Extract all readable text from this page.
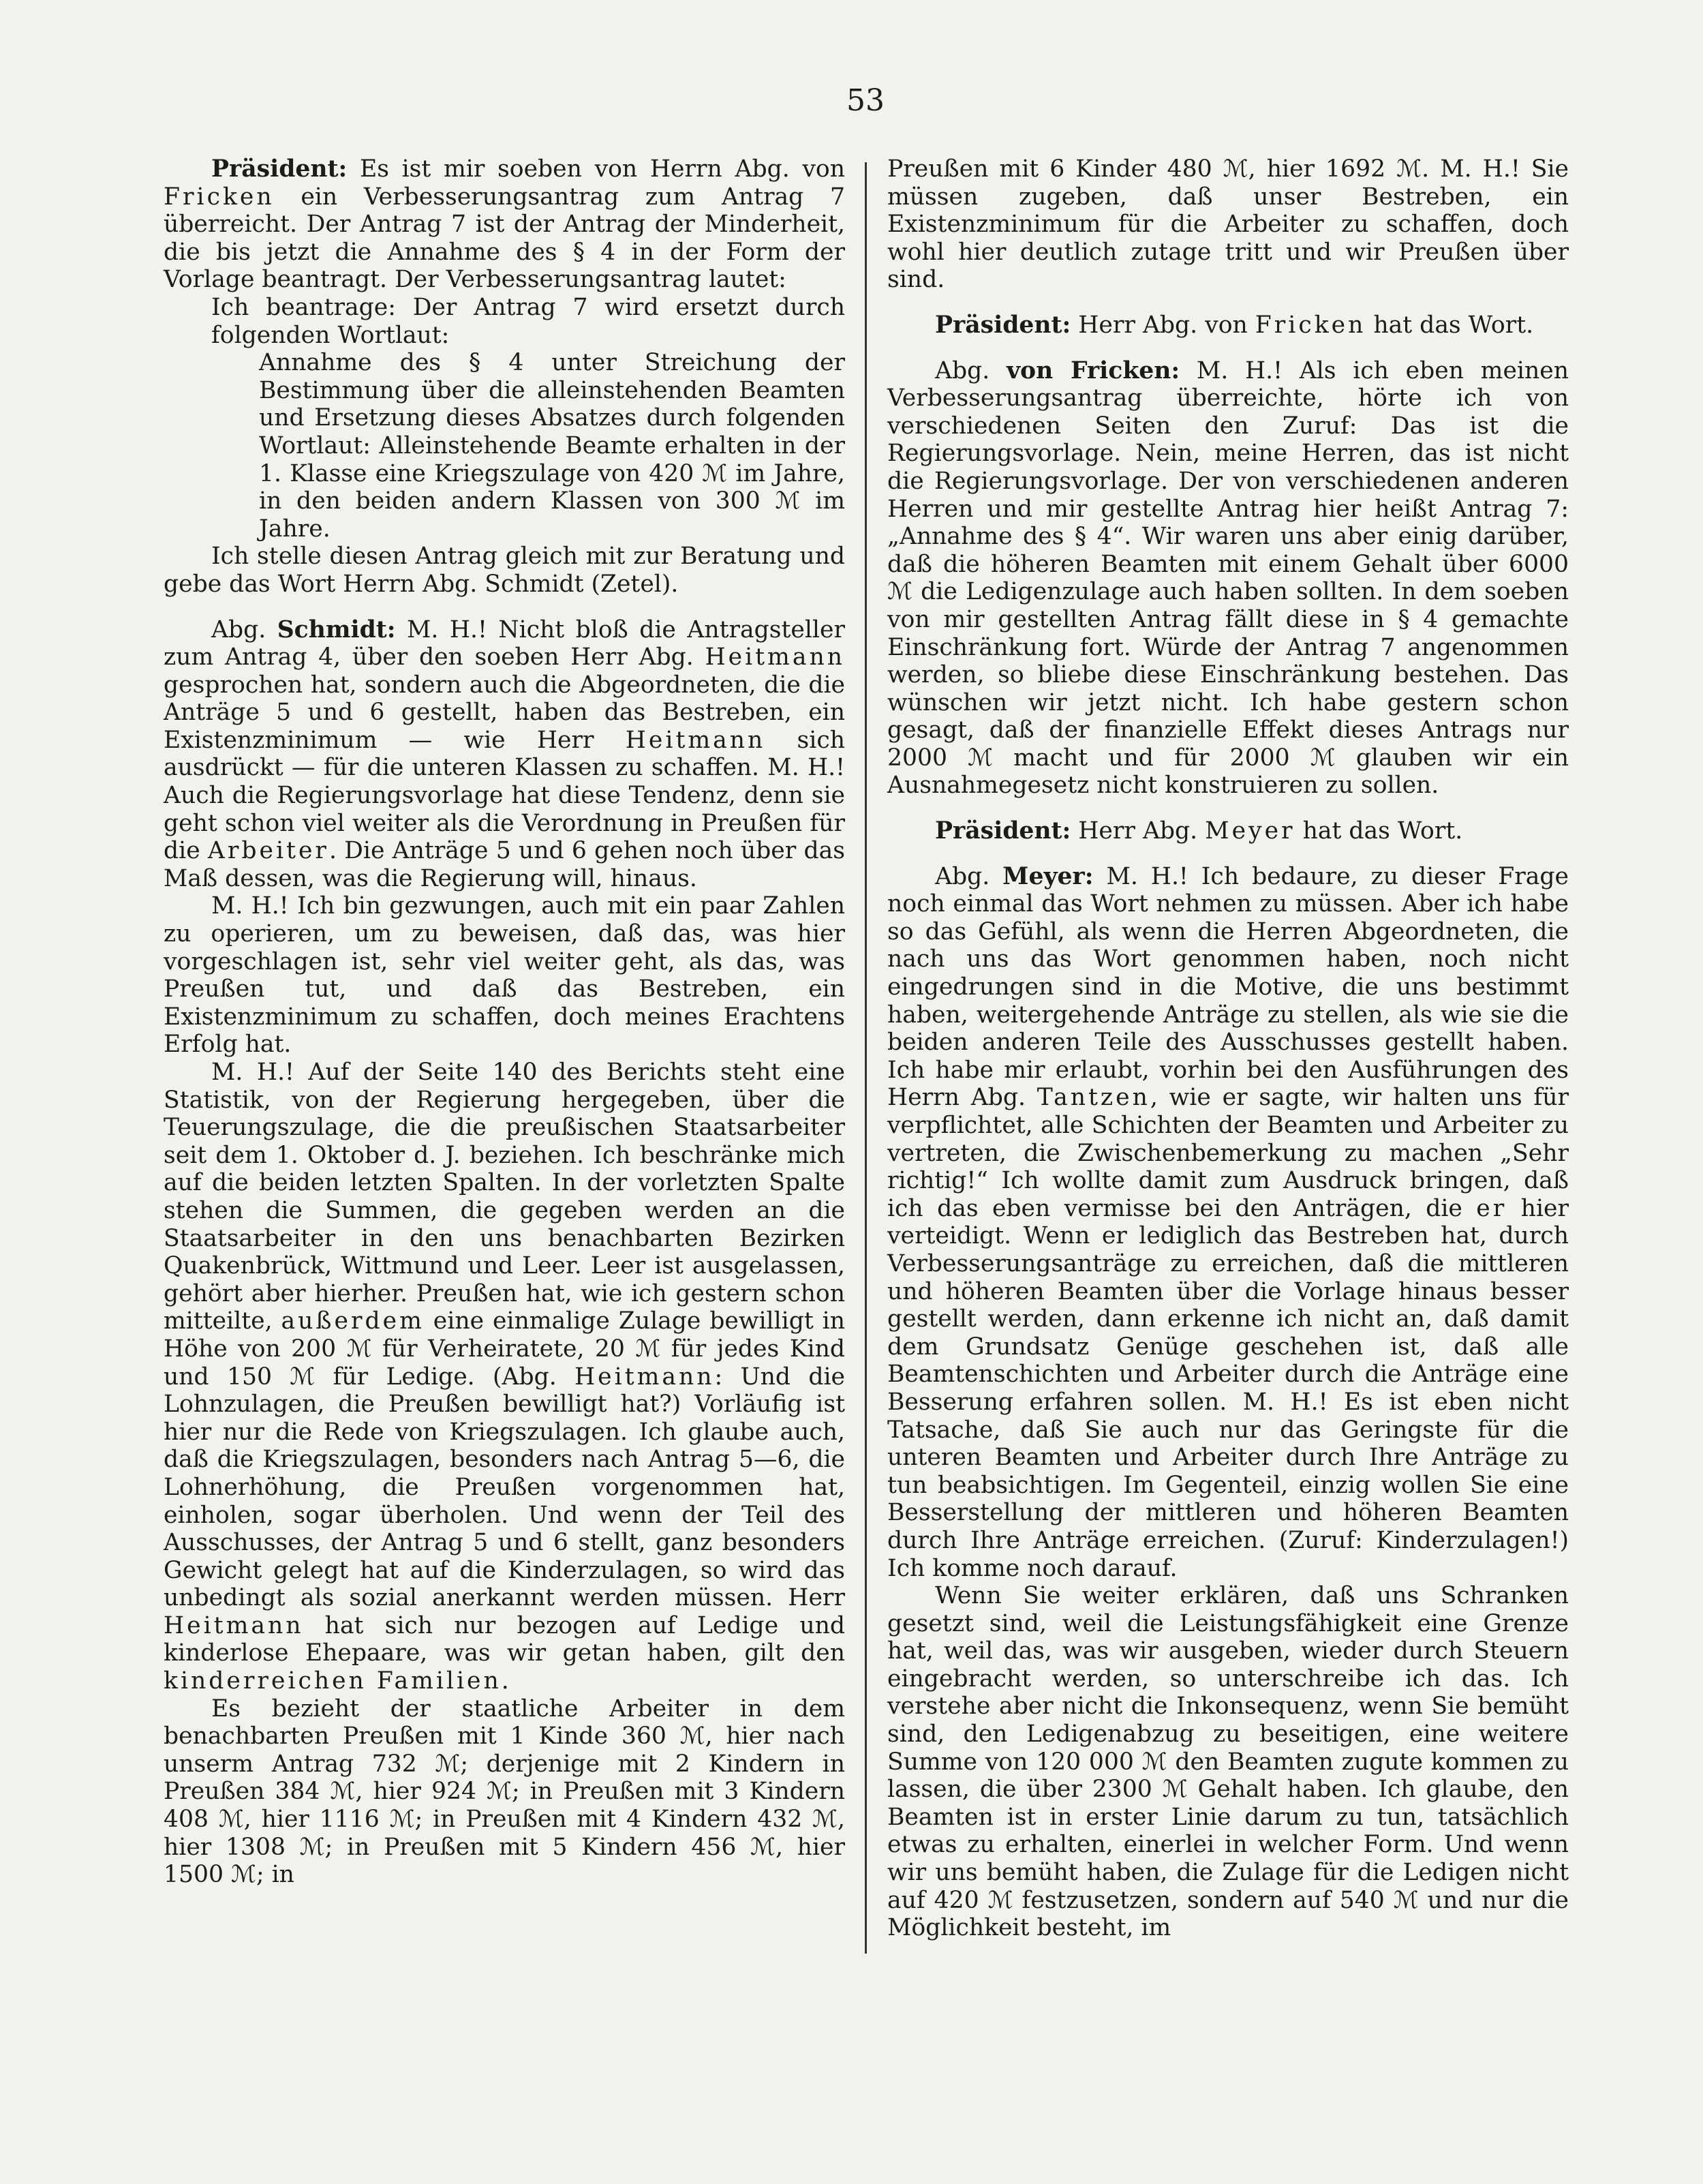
53

Präsident: Es ist mir soeben von Herrn Abg. von Fricken ein Verbesserungsantrag zum Antrag 7 überreicht. Der Antrag 7 ist der Antrag der Minderheit, die bis jetzt die Annahme des § 4 in der Form der Vorlage beantragt. Der Verbesserungsantrag lautet:

Ich beantrage: Der Antrag 7 wird ersetzt durch folgenden Wortlaut:

Annahme des § 4 unter Streichung der Bestimmung über die alleinstehenden Beamten und Ersetzung dieses Absatzes durch folgenden Wortlaut: Alleinstehende Beamte erhalten in der 1. Klasse eine Kriegszulage von 420 ℳ im Jahre, in den beiden andern Klassen von 300 ℳ im Jahre.

Ich stelle diesen Antrag gleich mit zur Beratung und gebe das Wort Herrn Abg. Schmidt (Zetel).

Abg. Schmidt: M. H.! Nicht bloß die Antragsteller zum Antrag 4, über den soeben Herr Abg. Heitmann gesprochen hat, sondern auch die Abgeordneten, die die Anträge 5 und 6 gestellt, haben das Bestreben, ein Existenzminimum — wie Herr Heitmann sich ausdrückt — für die unteren Klassen zu schaffen. M. H.! Auch die Regierungsvorlage hat diese Tendenz, denn sie geht schon viel weiter als die Verordnung in Preußen für die Arbeiter. Die Anträge 5 und 6 gehen noch über das Maß dessen, was die Regierung will, hinaus.

M. H.! Ich bin gezwungen, auch mit ein paar Zahlen zu operieren, um zu beweisen, daß das, was hier vorgeschlagen ist, sehr viel weiter geht, als das, was Preußen tut, und daß das Bestreben, ein Existenzminimum zu schaffen, doch meines Erachtens Erfolg hat.

M. H.! Auf der Seite 140 des Berichts steht eine Statistik, von der Regierung hergegeben, über die Teuerungszulage, die die preußischen Staatsarbeiter seit dem 1. Oktober d. J. beziehen. Ich beschränke mich auf die beiden letzten Spalten. In der vorletzten Spalte stehen die Summen, die gegeben werden an die Staatsarbeiter in den uns benachbarten Bezirken Quakenbrück, Wittmund und Leer. Leer ist ausgelassen, gehört aber hierher. Preußen hat, wie ich gestern schon mitteilte, außerdem eine einmalige Zulage bewilligt in Höhe von 200 ℳ für Verheiratete, 20 ℳ für jedes Kind und 150 ℳ für Ledige. (Abg. Heitmann: Und die Lohnzulagen, die Preußen bewilligt hat?) Vorläufig ist hier nur die Rede von Kriegszulagen. Ich glaube auch, daß die Kriegszulagen, besonders nach Antrag 5—6, die Lohnerhöhung, die Preußen vorgenommen hat, einholen, sogar überholen. Und wenn der Teil des Ausschusses, der Antrag 5 und 6 stellt, ganz besonders Gewicht gelegt hat auf die Kinderzulagen, so wird das unbedingt als sozial anerkannt werden müssen. Herr Heitmann hat sich nur bezogen auf Ledige und kinderlose Ehepaare, was wir getan haben, gilt den kinderreichen Familien.

Es bezieht der staatliche Arbeiter in dem benachbarten Preußen mit 1 Kinde 360 ℳ, hier nach unserm Antrag 732 ℳ; derjenige mit 2 Kindern in Preußen 384 ℳ, hier 924 ℳ; in Preußen mit 3 Kindern 408 ℳ, hier 1116 ℳ; in Preußen mit 4 Kindern 432 ℳ, hier 1308 ℳ; in Preußen mit 5 Kindern 456 ℳ, hier 1500 ℳ; in

Preußen mit 6 Kinder 480 ℳ, hier 1692 ℳ. M. H.! Sie müssen zugeben, daß unser Bestreben, ein Existenzminimum für die Arbeiter zu schaffen, doch wohl hier deutlich zutage tritt und wir Preußen über sind.

Präsident: Herr Abg. von Fricken hat das Wort.

Abg. von Fricken: M. H.! Als ich eben meinen Verbesserungsantrag überreichte, hörte ich von verschiedenen Seiten den Zuruf: Das ist die Regierungsvorlage. Nein, meine Herren, das ist nicht die Regierungsvorlage. Der von verschiedenen anderen Herren und mir gestellte Antrag hier heißt Antrag 7: „Annahme des § 4“. Wir waren uns aber einig darüber, daß die höheren Beamten mit einem Gehalt über 6000 ℳ die Ledigenzulage auch haben sollten. In dem soeben von mir gestellten Antrag fällt diese in § 4 gemachte Einschränkung fort. Würde der Antrag 7 angenommen werden, so bliebe diese Einschränkung bestehen. Das wünschen wir jetzt nicht. Ich habe gestern schon gesagt, daß der finanzielle Effekt dieses Antrags nur 2000 ℳ macht und für 2000 ℳ glauben wir ein Ausnahmegesetz nicht konstruieren zu sollen.

Präsident: Herr Abg. Meyer hat das Wort.

Abg. Meyer: M. H.! Ich bedaure, zu dieser Frage noch einmal das Wort nehmen zu müssen. Aber ich habe so das Gefühl, als wenn die Herren Abgeordneten, die nach uns das Wort genommen haben, noch nicht eingedrungen sind in die Motive, die uns bestimmt haben, weitergehende Anträge zu stellen, als wie sie die beiden anderen Teile des Ausschusses gestellt haben. Ich habe mir erlaubt, vorhin bei den Ausführungen des Herrn Abg. Tantzen, wie er sagte, wir halten uns für verpflichtet, alle Schichten der Beamten und Arbeiter zu vertreten, die Zwischenbemerkung zu machen „Sehr richtig!“ Ich wollte damit zum Ausdruck bringen, daß ich das eben vermisse bei den Anträgen, die er hier verteidigt. Wenn er lediglich das Bestreben hat, durch Verbesserungsanträge zu erreichen, daß die mittleren und höheren Beamten über die Vorlage hinaus besser gestellt werden, dann erkenne ich nicht an, daß damit dem Grundsatz Genüge geschehen ist, daß alle Beamtenschichten und Arbeiter durch die Anträge eine Besserung erfahren sollen. M. H.! Es ist eben nicht Tatsache, daß Sie auch nur das Geringste für die unteren Beamten und Arbeiter durch Ihre Anträge zu tun beabsichtigen. Im Gegenteil, einzig wollen Sie eine Besserstellung der mittleren und höheren Beamten durch Ihre Anträge erreichen. (Zuruf: Kinderzulagen!) Ich komme noch darauf.

Wenn Sie weiter erklären, daß uns Schranken gesetzt sind, weil die Leistungsfähigkeit eine Grenze hat, weil das, was wir ausgeben, wieder durch Steuern eingebracht werden, so unterschreibe ich das. Ich verstehe aber nicht die Inkonsequenz, wenn Sie bemüht sind, den Ledigenabzug zu beseitigen, eine weitere Summe von 120 000 ℳ den Beamten zugute kommen zu lassen, die über 2300 ℳ Gehalt haben. Ich glaube, den Beamten ist in erster Linie darum zu tun, tatsächlich etwas zu erhalten, einerlei in welcher Form. Und wenn wir uns bemüht haben, die Zulage für die Ledigen nicht auf 420 ℳ festzusetzen, sondern auf 540 ℳ und nur die Möglichkeit besteht, im
